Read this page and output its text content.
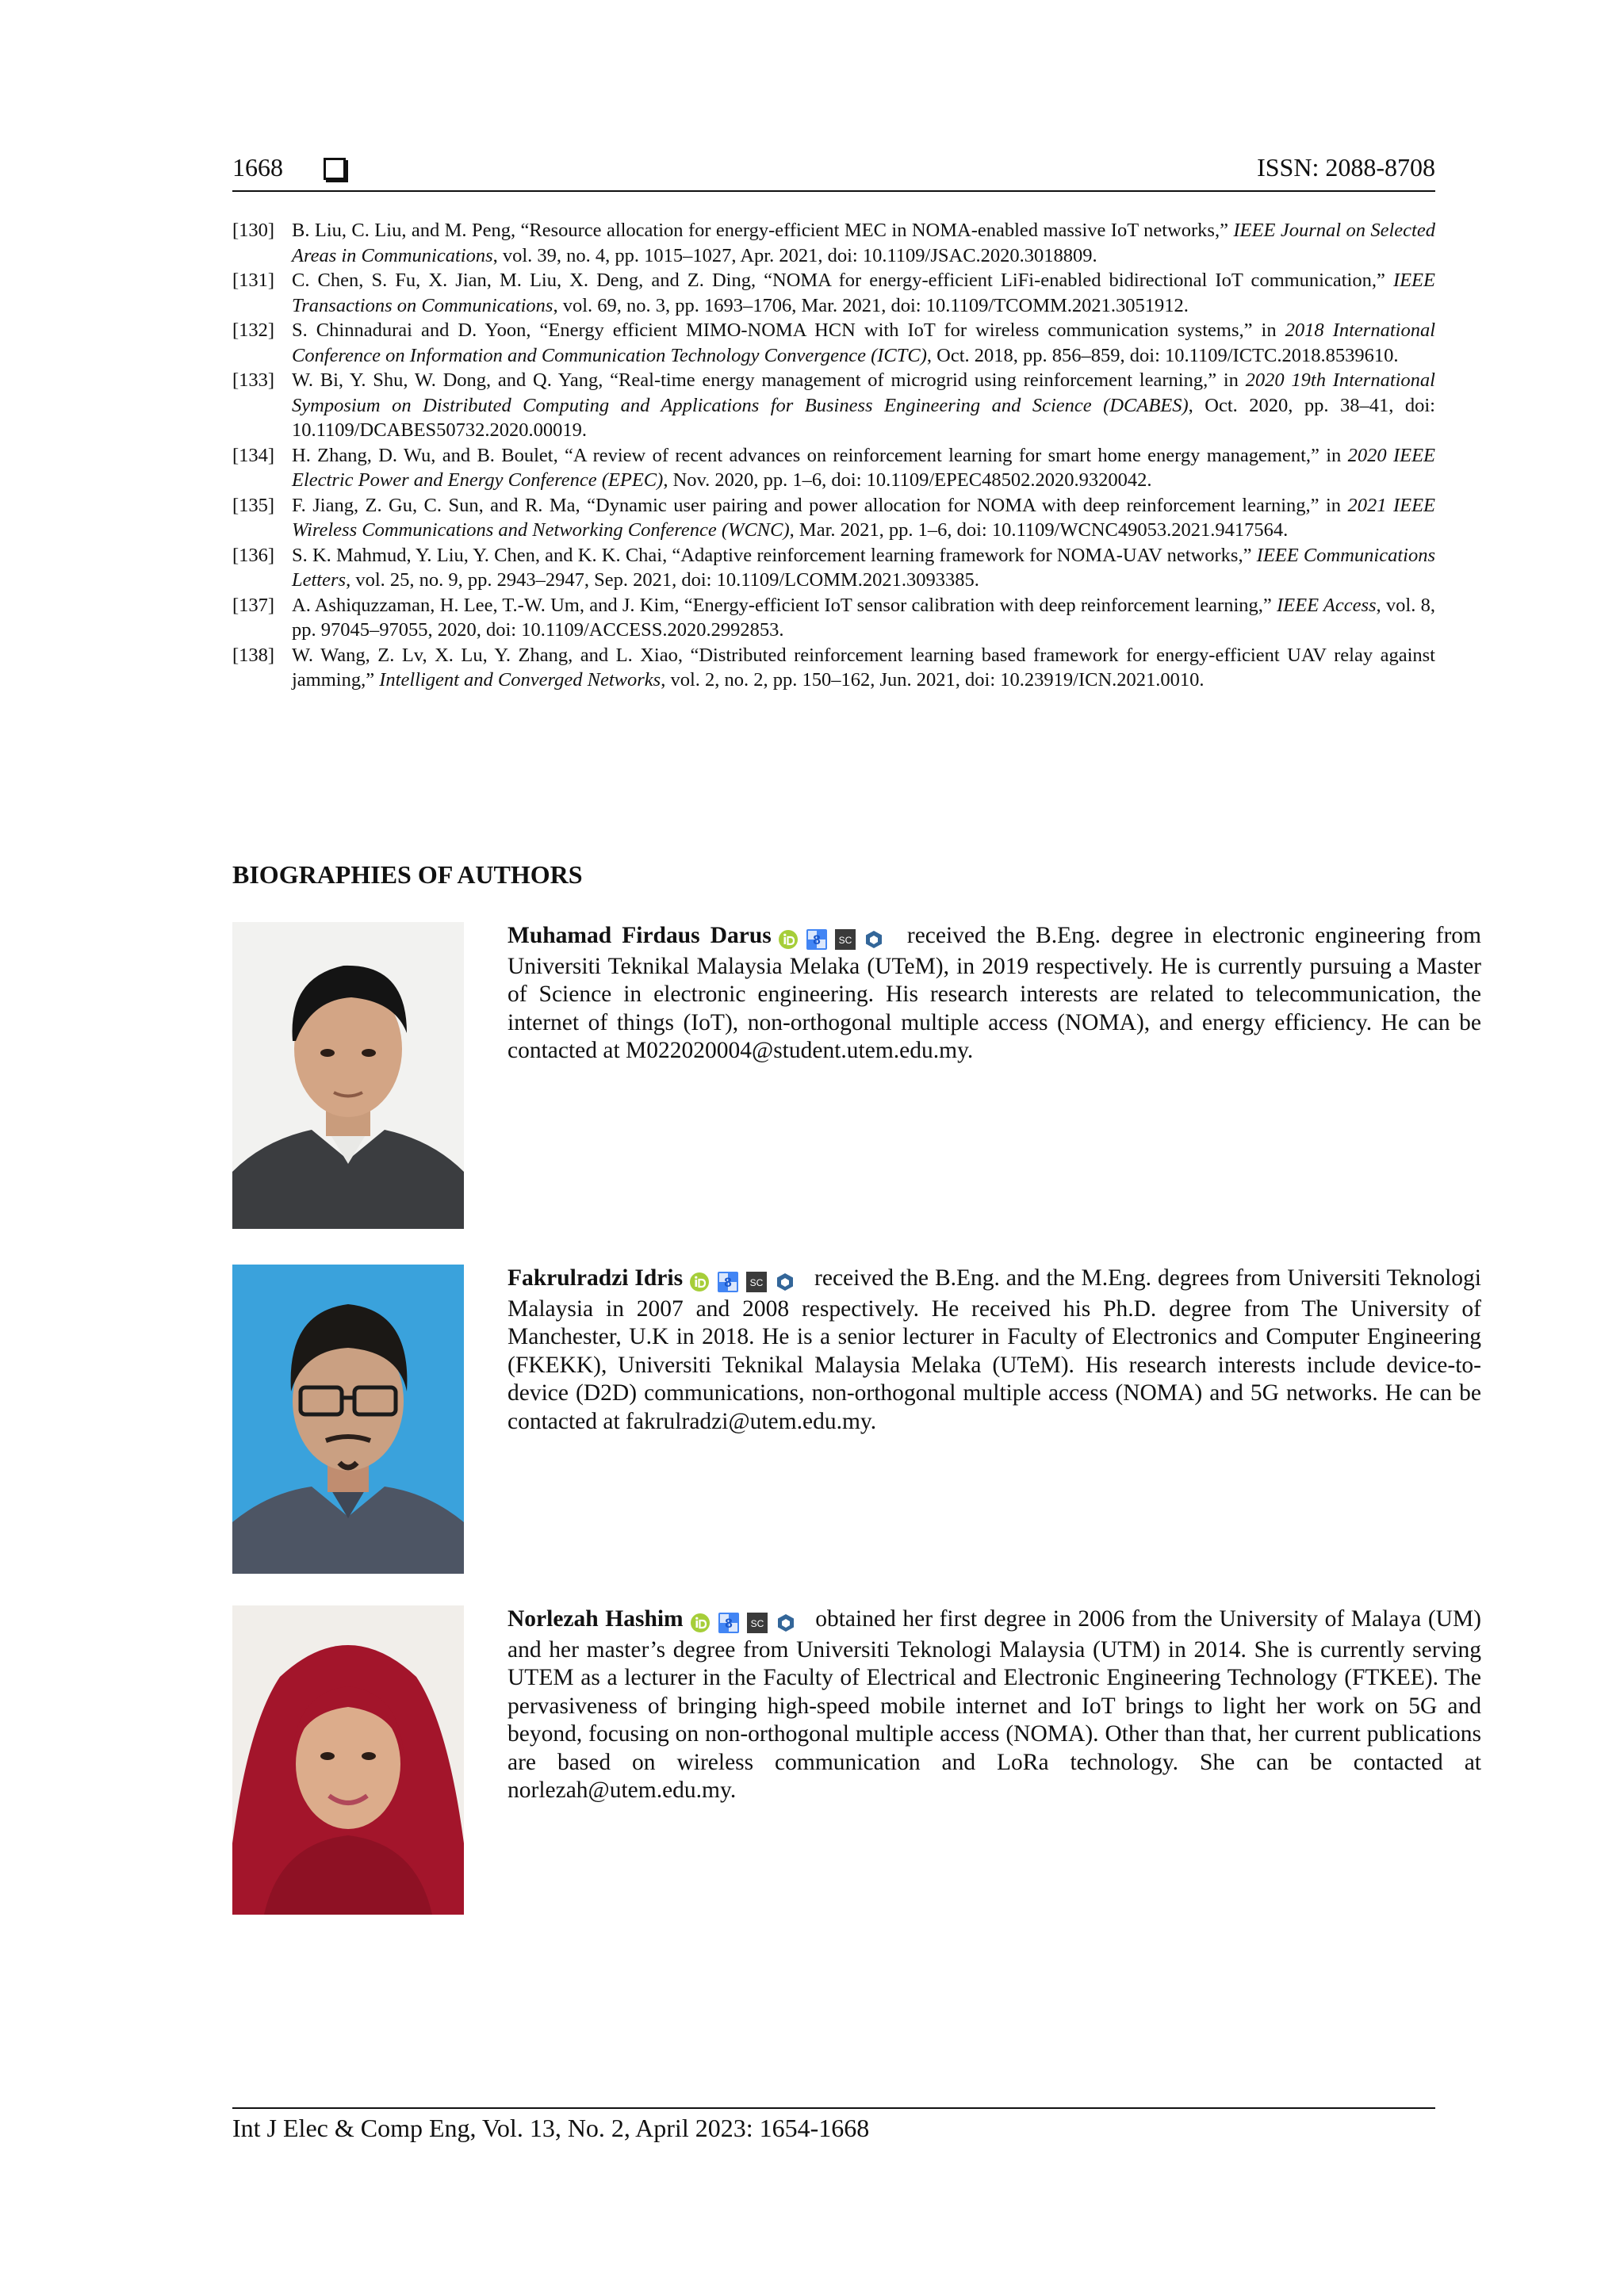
1668	ISSN: 2088-8708

[130] B. Liu, C. Liu, and M. Peng, “Resource allocation for energy-efficient MEC in NOMA-enabled massive IoT networks,” IEEE Journal on Selected Areas in Communications, vol. 39, no. 4, pp. 1015–1027, Apr. 2021, doi: 10.1109/JSAC.2020.3018809.

[131] C. Chen, S. Fu, X. Jian, M. Liu, X. Deng, and Z. Ding, “NOMA for energy-efficient LiFi-enabled bidirectional IoT communication,” IEEE Transactions on Communications, vol. 69, no. 3, pp. 1693–1706, Mar. 2021, doi: 10.1109/TCOMM.2021.3051912.

[132] S. Chinnadurai and D. Yoon, “Energy efficient MIMO-NOMA HCN with IoT for wireless communication systems,” in 2018 International Conference on Information and Communication Technology Convergence (ICTC), Oct. 2018, pp. 856–859, doi: 10.1109/ICTC.2018.8539610.

[133] W. Bi, Y. Shu, W. Dong, and Q. Yang, “Real-time energy management of microgrid using reinforcement learning,” in 2020 19th International Symposium on Distributed Computing and Applications for Business Engineering and Science (DCABES), Oct. 2020, pp. 38–41, doi: 10.1109/DCABES50732.2020.00019.

[134] H. Zhang, D. Wu, and B. Boulet, “A review of recent advances on reinforcement learning for smart home energy management,” in 2020 IEEE Electric Power and Energy Conference (EPEC), Nov. 2020, pp. 1–6, doi: 10.1109/EPEC48502.2020.9320042.

[135] F. Jiang, Z. Gu, C. Sun, and R. Ma, “Dynamic user pairing and power allocation for NOMA with deep reinforcement learning,” in 2021 IEEE Wireless Communications and Networking Conference (WCNC), Mar. 2021, pp. 1–6, doi: 10.1109/WCNC49053.2021.9417564.

[136] S. K. Mahmud, Y. Liu, Y. Chen, and K. K. Chai, “Adaptive reinforcement learning framework for NOMA-UAV networks,” IEEE Communications Letters, vol. 25, no. 9, pp. 2943–2947, Sep. 2021, doi: 10.1109/LCOMM.2021.3093385.

[137] A. Ashiquzzaman, H. Lee, T.-W. Um, and J. Kim, “Energy-efficient IoT sensor calibration with deep reinforcement learning,” IEEE Access, vol. 8, pp. 97045–97055, 2020, doi: 10.1109/ACCESS.2020.2992853.

[138] W. Wang, Z. Lv, X. Lu, Y. Zhang, and L. Xiao, “Distributed reinforcement learning based framework for energy-efficient UAV relay against jamming,” Intelligent and Converged Networks, vol. 2, no. 2, pp. 150–162, Jun. 2021, doi: 10.23919/ICN.2021.0010.

BIOGRAPHIES OF AUTHORS
Muhamad Firdaus Darus	8 SC received the B.Eng. degree in electronic engineering from Universiti Teknikal Malaysia Melaka (UTeM), in 2019 respectively. He is currently pursuing a Master of Science in electronic engineering. His research interests are related to telecommunication, the internet of things (IoT), non-orthogonal multiple access (NOMA), and energy efficiency. He can be contacted at M022020004@student.utem.edu.my.
Fakrulradzi Idris	8 SC received the B.Eng. and the M.Eng. degrees from Universiti Teknologi Malaysia in 2007 and 2008 respectively. He received his Ph.D. degree from The University of Manchester, U.K in 2018. He is a senior lecturer in Faculty of Electronics and Computer Engineering (FKEKK), Universiti Teknikal Malaysia Melaka (UTeM). His research interests include device-to-device (D2D) communications, non-orthogonal multiple access (NOMA) and 5G networks. He can be contacted at fakrulradzi@utem.edu.my.
Norlezah Hashim	8 SC obtained her first degree in 2006 from the University of Malaya (UM) and her master’s degree from Universiti Teknologi Malaysia (UTM) in 2014. She is currently serving UTEM as a lecturer in the Faculty of Electrical and Electronic Engineering Technology (FTKEE). The pervasiveness of bringing high-speed mobile internet and IoT brings to light her work on 5G and beyond, focusing on non-orthogonal multiple access (NOMA). Other than that, her current publications are based on wireless communication and LoRa technology. She can be contacted at norlezah@utem.edu.my.
Int J Elec & Comp Eng, Vol. 13, No. 2, April 2023: 1654-1668
